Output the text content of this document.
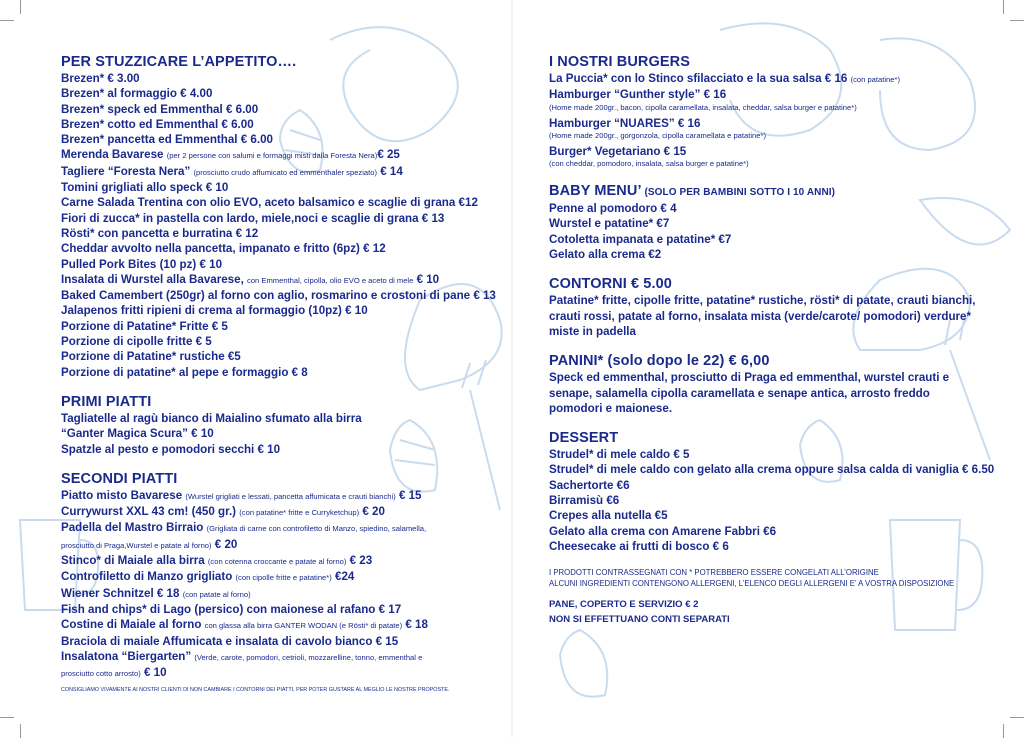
PER STUZZICARE L’APPETITO….

Brezen* € 3.00

Brezen* al formaggio € 4.00

Brezen* speck ed Emmenthal € 6.00

Brezen* cotto ed Emmenthal € 6.00

Brezen* pancetta ed Emmenthal € 6.00

Merenda Bavarese (per 2 persone con salumi e formaggi misti dalla Foresta Nera)€ 25

Tagliere “Foresta Nera” (prosciutto crudo affumicato ed emmenthaler speziato) € 14

Tomini grigliati allo speck € 10

Carne Salada Trentina con olio EVO, aceto balsamico e scaglie di grana €12

Fiori di zucca* in pastella con lardo, miele,noci e scaglie di grana € 13

Rösti* con pancetta e burratina € 12

Cheddar avvolto nella pancetta, impanato e fritto (6pz) € 12

Pulled Pork Bites (10 pz) € 10

Insalata di Wurstel alla Bavarese, con Emmenthal, cipolla, olio EVO e aceto di mele € 10

Baked Camembert (250gr) al forno con aglio, rosmarino e crostoni di pane € 13

Jalapenos fritti ripieni di crema al formaggio (10pz) € 10

Porzione di Patatine* Fritte € 5

Porzione di cipolle fritte € 5

Porzione di Patatine* rustiche €5

Porzione di patatine* al pepe e formaggio € 8

PRIMI PIATTI

Tagliatelle al ragù bianco di Maialino sfumato alla birra

“Ganter Magica Scura” € 10

Spatzle al pesto e pomodori secchi € 10

SECONDI PIATTI

Piatto misto Bavarese (Wurstel grigliati e lessati, pancetta affumicata e crauti bianchi) € 15

Currywurst XXL 43 cm! (450 gr.) (con patatine* fritte e Curryketchup) € 20

Padella del Mastro Birraio (Grigliata di carne con controfiletto di Manzo, spiedino, salamella,

prosciutto di Praga,Wurstel e patate al forno) € 20

Stinco* di Maiale alla birra (con cotenna croccante e patate al forno) € 23

Controfiletto di Manzo grigliato (con cipolle fritte e patatine*) €24

Wiener Schnitzel € 18 (con patate al forno)

Fish and chips* di Lago (persico) con maionese al rafano € 17

Costine di Maiale al forno con glassa alla birra GANTER WODAN (e Rösti* di patate) € 18

Braciola di maiale Affumicata e insalata di cavolo bianco € 15

Insalatona “Biergarten” (Verde, carote, pomodori, cetrioli, mozzarelline, tonno, emmenthal e

prosciutto cotto arrosto) € 10

CONSIGLIAMO VIVAMENTE AI NOSTRI CLIENTI DI NON CAMBIARE I CONTORNI DEI PIATTI, PER POTER GUSTARE AL MEGLIO LE NOSTRE PROPOSTE.

I NOSTRI BURGERS

La Puccia* con lo Stinco sfilacciato e la sua salsa € 16 (con patatine*)

Hamburger “Gunther style” € 16

(Home made 200gr., bacon, cipolla caramellata, insalata, cheddar, salsa burger e patatine*)

Hamburger “NUARES” € 16

(Home made 200gr., gorgonzola, cipolla caramellata e patatine*)

Burger* Vegetariano € 15

(con cheddar, pomodoro, insalata, salsa burger e patatine*)

BABY MENU’ (SOLO PER BAMBINI SOTTO I 10 ANNI)

Penne al pomodoro € 4

Wurstel e patatine* €7

Cotoletta impanata e patatine* €7

Gelato alla crema €2

CONTORNI € 5.00

Patatine* fritte, cipolle fritte, patatine* rustiche, rösti* di patate, crauti bianchi, crauti rossi, patate al forno, insalata mista (verde/carote/ pomodori) verdure* miste in padella

PANINI* (solo dopo le 22) € 6,00

Speck ed emmenthal, prosciutto di Praga ed emmenthal, wurstel crauti e senape, salamella cipolla caramellata e senape antica, arrosto freddo pomodori e maionese.

DESSERT

Strudel* di mele caldo € 5

Strudel* di mele caldo con gelato alla crema oppure salsa calda di vaniglia € 6.50

Sachertorte €6

Birramisù €6

Crepes alla nutella €5

Gelato alla crema con Amarene Fabbri €6

Cheesecake ai frutti di bosco € 6

I PRODOTTI CONTRASSEGNATI CON * POTREBBERO ESSERE CONGELATI ALL’ORIGINE

ALCUNI INGREDIENTI CONTENGONO ALLERGENI, L’ELENCO DEGLI ALLERGENI E’ A VOSTRA DISPOSIZIONE

PANE, COPERTO E SERVIZIO € 2

NON SI EFFETTUANO CONTI SEPARATI
